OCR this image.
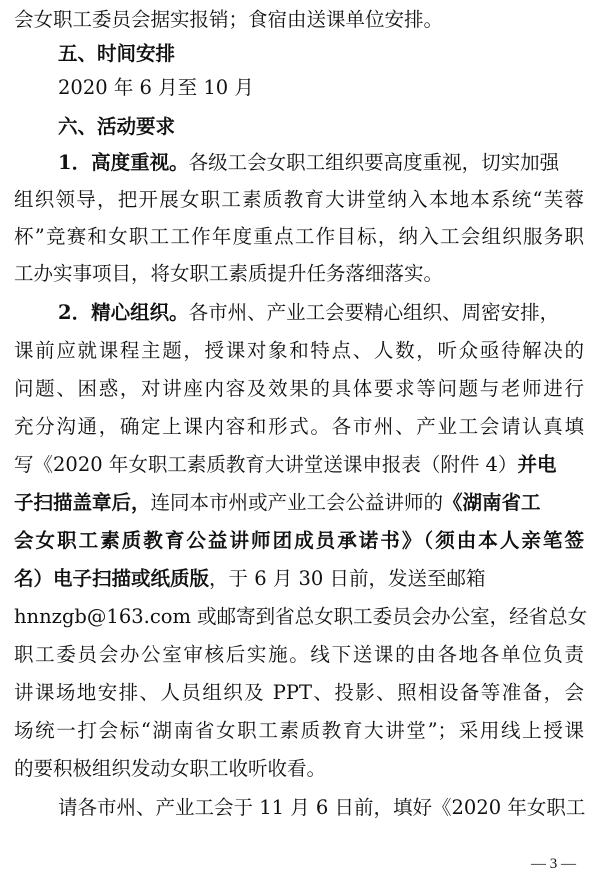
会女职工委员会据实报销；食宿由送课单位安排。
五、时间安排
2020 年 6 月至 10 月
六、活动要求
1．高度重视。各级工会女职工组织要高度重视，切实加强
组织领导，把开展女职工素质教育大讲堂纳入本地本系统“芙蓉
杯”竞赛和女职工工作年度重点工作目标，纳入工会组织服务职
工办实事项目，将女职工素质提升任务落细落实。
2．精心组织。各市州、产业工会要精心组织、周密安排，
课前应就课程主题，授课对象和特点、人数，听众亟待解决的
问题、困惑，对讲座内容及效果的具体要求等问题与老师进行
充分沟通，确定上课内容和形式。各市州、产业工会请认真填
写《2020 年女职工素质教育大讲堂送课申报表（附件 4）并电
子扫描盖章后，连同本市州或产业工会公益讲师的《湖南省工
会女职工素质教育公益讲师团成员承诺书》（须由本人亲笔签
名）电子扫描或纸质版，于 6 月 30 日前，发送至邮箱
hnnzgb@163.com 或邮寄到省总女职工委员会办公室，经省总女
职工委员会办公室审核后实施。线下送课的由各地各单位负责
讲课场地安排、人员组织及 PPT、投影、照相设备等准备，会
场统一打会标“湖南省女职工素质教育大讲堂”；采用线上授课
的要积极组织发动女职工收听收看。
请各市州、产业工会于 11 月 6 日前，填好《2020 年女职工
— 3 —
